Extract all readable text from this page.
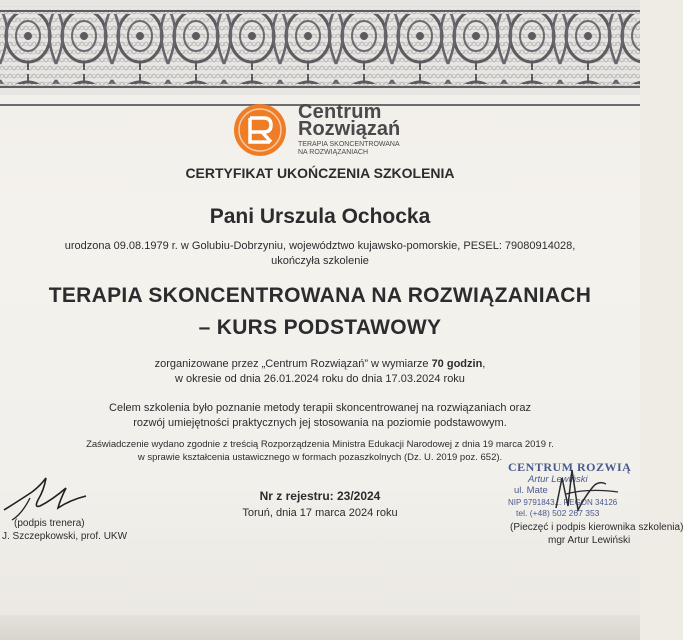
Centrum
Rozwiązań
TERAPIA SKONCENTROWANA
NA ROZWIĄZANIACH
CERTYFIKAT UKOŃCZENIA SZKOLENIA
Pani Urszula Ochocka
urodzona 09.08.1979 r. w Golubiu-Dobrzyniu, województwo kujawsko-pomorskie, PESEL: 79080914028,
ukończyła szkolenie
TERAPIA SKONCENTROWANA NA ROZWIĄZANIACH
– KURS PODSTAWOWY
zorganizowane przez „Centrum Rozwiązań” w wymiarze 70 godzin,
w okresie od dnia 26.01.2024 roku do dnia 17.03.2024 roku
Celem szkolenia było poznanie metody terapii skoncentrowanej na rozwiązaniach oraz
rozwój umiejętności praktycznych jej stosowania na poziomie podstawowym.
Zaświadczenie wydano zgodnie z treścią Rozporządzenia Ministra Edukacji Narodowej z dnia 19 marca 2019 r.
w sprawie kształcenia ustawicznego w formach pozaszkolnych (Dz. U. 2019 poz. 652).
(podpis trenera)
J. Szczepkowski, prof. UKW
Nr z rejestru: 23/2024
Toruń, dnia 17 marca 2024 roku
CENTRUM ROZWIĄ
Artur Lewiński
ul. Mate
NIP 9791843... REGON 34126
tel. (+48) 502 267 353
(Pieczęć i podpis kierownika szkolenia)
mgr Artur Lewiński
